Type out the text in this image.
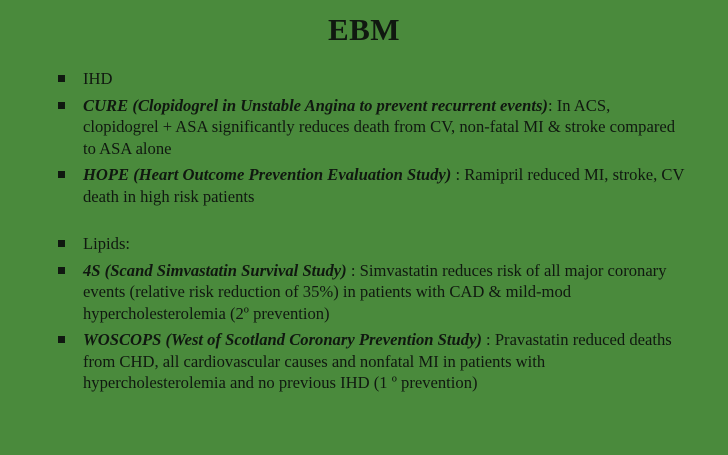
EBM
IHD
CURE (Clopidogrel in Unstable Angina to prevent recurrent events): In ACS, clopidogrel + ASA significantly reduces death from CV, non-fatal MI & stroke compared to ASA alone
HOPE (Heart Outcome Prevention Evaluation Study) : Ramipril reduced MI, stroke, CV death in high risk patients
Lipids:
4S (Scand Simvastatin Survival Study) : Simvastatin reduces risk of all major coronary events (relative risk reduction of 35%) in patients with CAD & mild-mod hypercholesterolemia (2º prevention)
WOSCOPS (West of Scotland Coronary Prevention Study) : Pravastatin reduced deaths from CHD, all cardiovascular causes and nonfatal MI in patients with hypercholesterolemia and no previous IHD (1 º prevention)
